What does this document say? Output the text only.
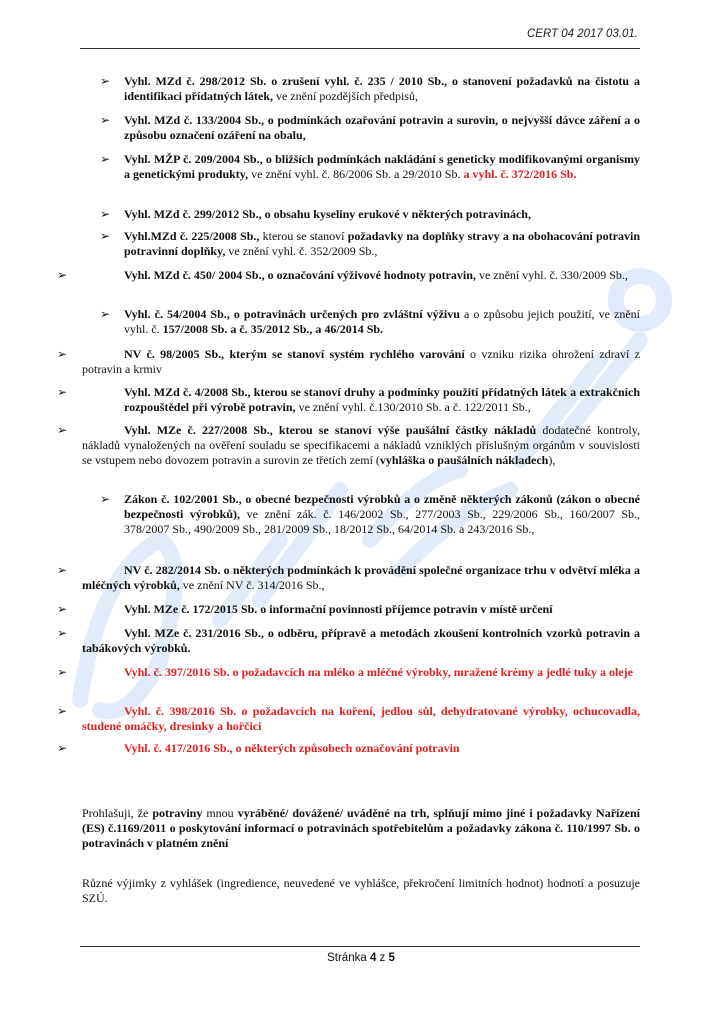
CERT 04 2017 03.01.
➢ Vyhl. MZd č. 298/2012 Sb. o zrušení vyhl. č. 235 / 2010 Sb., o stanovení požadavků na čistotu a identifikaci přídatných látek, ve znění pozdějších předpisů,
➢ Vyhl. MZd č. 133/2004 Sb., o podmínkách ozařování potravin a surovin, o nejvyšší dávce záření a o způsobu označení ozáření na obalu,
➢ Vyhl. MŽP č. 209/2004 Sb., o bližších podmínkách nakládání s geneticky modifikovanými organismy a genetickými produkty, ve znění vyhl. č. 86/2006 Sb. a 29/2010 Sb. a vyhl. č. 372/2016 Sb.
➢ Vyhl. MZd č. 299/2012 Sb., o obsahu kyseliny erukové v některých potravinách,
➢ Vyhl.MZd č. 225/2008 Sb., kterou se stanoví požadavky na doplňky stravy a na obohacování potravin potravinní doplňky, ve znění vyhl. č. 352/2009 Sb.,
➢	Vyhl. MZd č. 450/ 2004 Sb., o označování výživové hodnoty potravin, ve znění vyhl. č. 330/2009 Sb.,
➢ Vyhl. č. 54/2004 Sb., o potravinách určených pro zvláštní výživu a o způsobu jejich použití, ve znění vyhl. č. 157/2008 Sb. a č. 35/2012 Sb., a 46/2014 Sb.
➢	NV č. 98/2005 Sb., kterým se stanoví systém rychlého varování o vzniku rizika ohrožení zdraví z potravin a krmiv
➢	Vyhl. MZd č. 4/2008 Sb., kterou se stanoví druhy a podmínky použití přídatných látek a extrakčních rozpouštědel při výrobě potravin, ve znění vyhl. č.130/2010 Sb. a č. 122/2011 Sb.,
➢	Vyhl. MZe č. 227/2008 Sb., kterou se stanoví výše paušální částky nákladů dodatečné kontroly, nákladů vynaložených na ověření souladu se specifikacemi a nákladů vzniklých příslušným orgánům v souvislosti se vstupem nebo dovozem potravin a surovin ze třetích zemí (vyhláška o paušálních nákladech),
➢ Zákon č. 102/2001 Sb., o obecné bezpečnosti výrobků a o změně některých zákonů (zákon o obecné bezpečnosti výrobků), ve znění zák. č. 146/2002 Sb., 277/2003 Sb., 229/2006 Sb., 160/2007 Sb., 378/2007 Sb., 490/2009 Sb., 281/2009 Sb., 18/2012 Sb., 64/2014 Sb. a 243/2016 Sb.,
➢	NV č. 282/2014 Sb. o některých podmínkách k provádění společné organizace trhu v odvětví mléka a mléčných výrobků, ve znění NV č. 314/2016 Sb.,
➢	Vyhl. MZe č. 172/2015 Sb. o informační povinnosti příjemce potravin v místě určení
➢	Vyhl. MZe č. 231/2016 Sb., o odběru, přípravě a metodách zkoušení kontrolních vzorků potravin a tabákových výrobků.
➢	Vyhl. č. 397/2016 Sb. o požadavcích na mléko a mléčné výrobky, mražené krémy a jedlé tuky a oleje
➢	Vyhl. č. 398/2016 Sb. o požadavcích na koření, jedlou sůl, dehydratované výrobky, ochucovadla, studené omáčky, dresinky a hořčici
➢	Vyhl. č. 417/2016 Sb., o některých způsobech označování potravin

Prohlašuji, že potraviny mnou vyráběné/ dovážené/ uváděné na trh, splňují mimo jiné i požadavky Nařízení (ES) č.1169/2011 o poskytování informací o potravinách spotřebitelům a požadavky zákona č. 110/1997 Sb. o potravinách v platném znění

Různé výjimky z vyhlášek (ingredience, neuvedené ve vyhlášce, překročení limitních hodnot) hodnotí a posuzuje SZÚ.

Stránka 4 z 5
